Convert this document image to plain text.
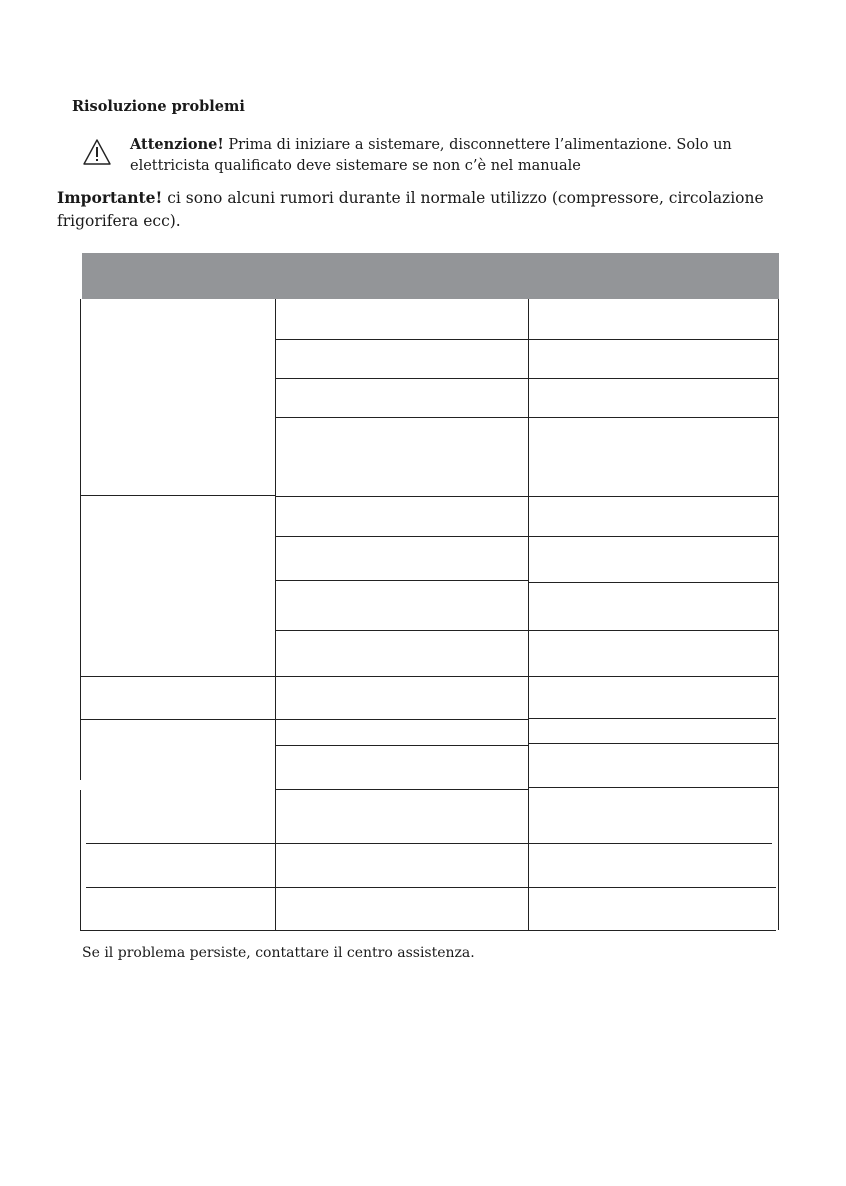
Risoluzione problemi
Attenzione! Prima di iniziare a sistemare, disconnettere l’alimentazione. Solo un elettricista qualificato deve sistemare se non c’è nel manuale
Importante! ci sono alcuni rumori durante il normale utilizzo (compressore, circolazione frigorifera ecc).
Se il problema persiste, contattare il centro assistenza.
